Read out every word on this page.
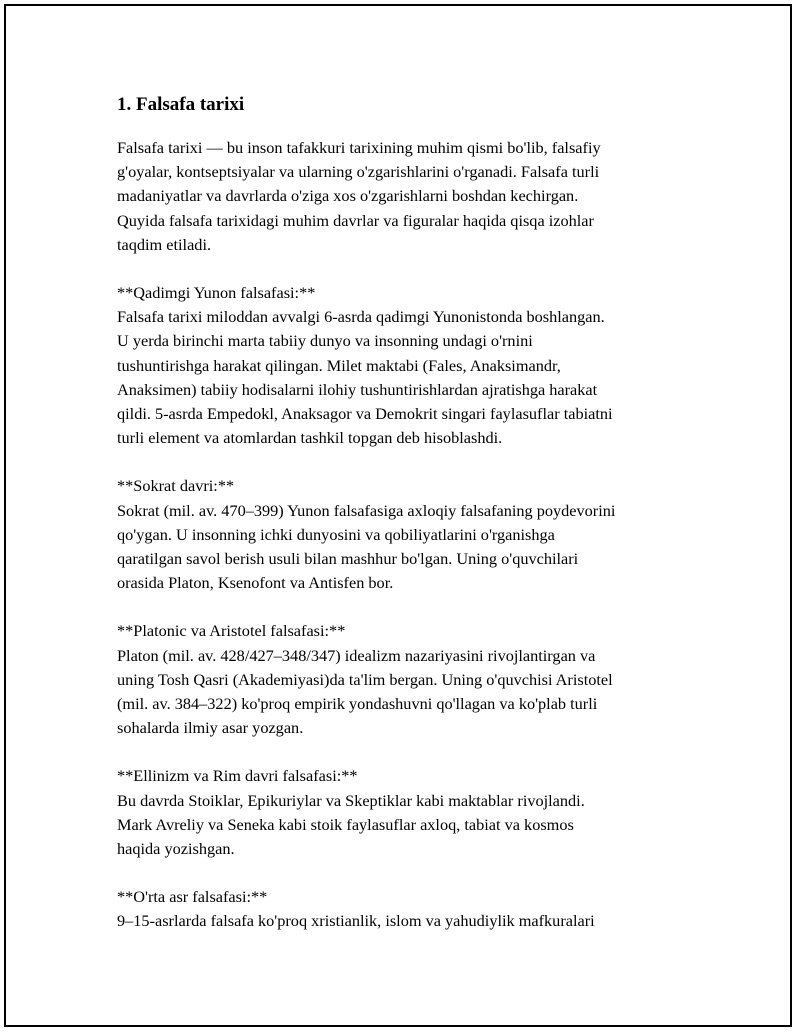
1. Falsafa tarixi

Falsafa tarixi — bu inson tafakkuri tarixining muhim qismi bo'lib, falsafiy
g'oyalar, kontseptsiyalar va ularning o'zgarishlarini o'rganadi. Falsafa turli
madaniyatlar va davrlarda o'ziga xos o'zgarishlarni boshdan kechirgan.
Quyida falsafa tarixidagi muhim davrlar va figuralar haqida qisqa izohlar
taqdim etiladi.

**Qadimgi Yunon falsafasi:**
Falsafa tarixi miloddan avvalgi 6-asrda qadimgi Yunonistonda boshlangan.
U yerda birinchi marta tabiiy dunyo va insonning undagi o'rnini
tushuntirishga harakat qilingan. Milet maktabi (Fales, Anaksimandr,
Anaksimen) tabiiy hodisalarni ilohiy tushuntirishlardan ajratishga harakat
qildi. 5-asrda Empedokl, Anaksagor va Demokrit singari faylasuflar tabiatni
turli element va atomlardan tashkil topgan deb hisoblashdi.

**Sokrat davri:**
Sokrat (mil. av. 470–399) Yunon falsafasiga axloqiy falsafaning poydevorini
qo'ygan. U insonning ichki dunyosini va qobiliyatlarini o'rganishga
qaratilgan savol berish usuli bilan mashhur bo'lgan. Uning o'quvchilari
orasida Platon, Ksenofont va Antisfen bor.

**Platonic va Aristotel falsafasi:**
Platon (mil. av. 428/427–348/347) idealizm nazariyasini rivojlantirgan va
uning Tosh Qasri (Akademiyasi)da ta'lim bergan. Uning o'quvchisi Aristotel
(mil. av. 384–322) ko'proq empirik yondashuvni qo'llagan va ko'plab turli
sohalarda ilmiy asar yozgan.

**Ellinizm va Rim davri falsafasi:**
Bu davrda Stoiklar, Epikuriylar va Skeptiklar kabi maktablar rivojlandi.
Mark Avreliy va Seneka kabi stoik faylasuflar axloq, tabiat va kosmos
haqida yozishgan.

**O'rta asr falsafasi:**
9–15-asrlarda falsafa ko'proq xristianlik, islom va yahudiylik mafkuralari
